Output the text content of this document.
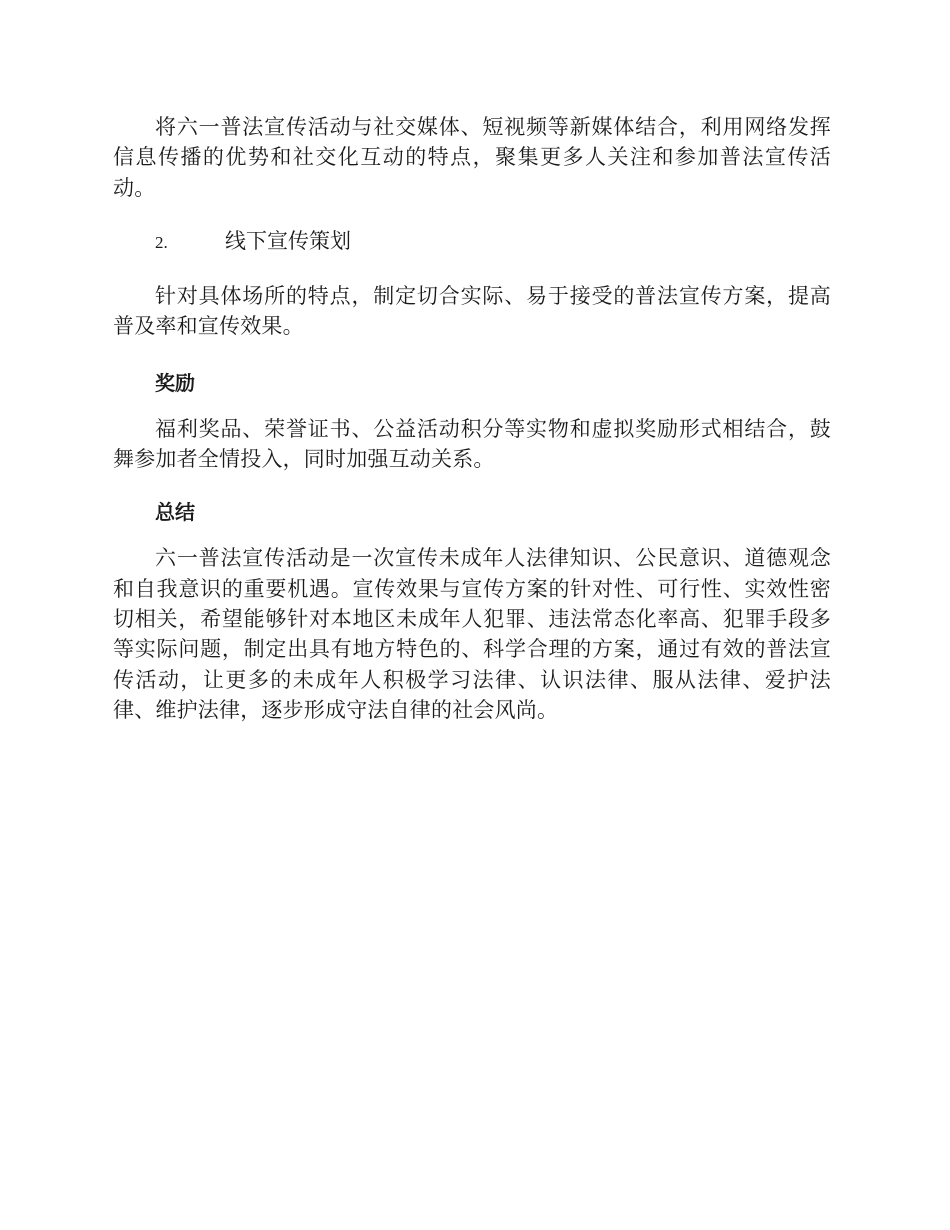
将六一普法宣传活动与社交媒体、短视频等新媒体结合，利用网络发挥信息传播的优势和社交化互动的特点，聚集更多人关注和参加普法宣传活动。

2.	线下宣传策划

针对具体场所的特点，制定切合实际、易于接受的普法宣传方案，提高普及率和宣传效果。

奖励

福利奖品、荣誉证书、公益活动积分等实物和虚拟奖励形式相结合，鼓舞参加者全情投入，同时加强互动关系。

总结

六一普法宣传活动是一次宣传未成年人法律知识、公民意识、道德观念和自我意识的重要机遇。宣传效果与宣传方案的针对性、可行性、实效性密切相关，希望能够针对本地区未成年人犯罪、违法常态化率高、犯罪手段多等实际问题，制定出具有地方特色的、科学合理的方案，通过有效的普法宣传活动，让更多的未成年人积极学习法律、认识法律、服从法律、爱护法律、维护法律，逐步形成守法自律的社会风尚。
